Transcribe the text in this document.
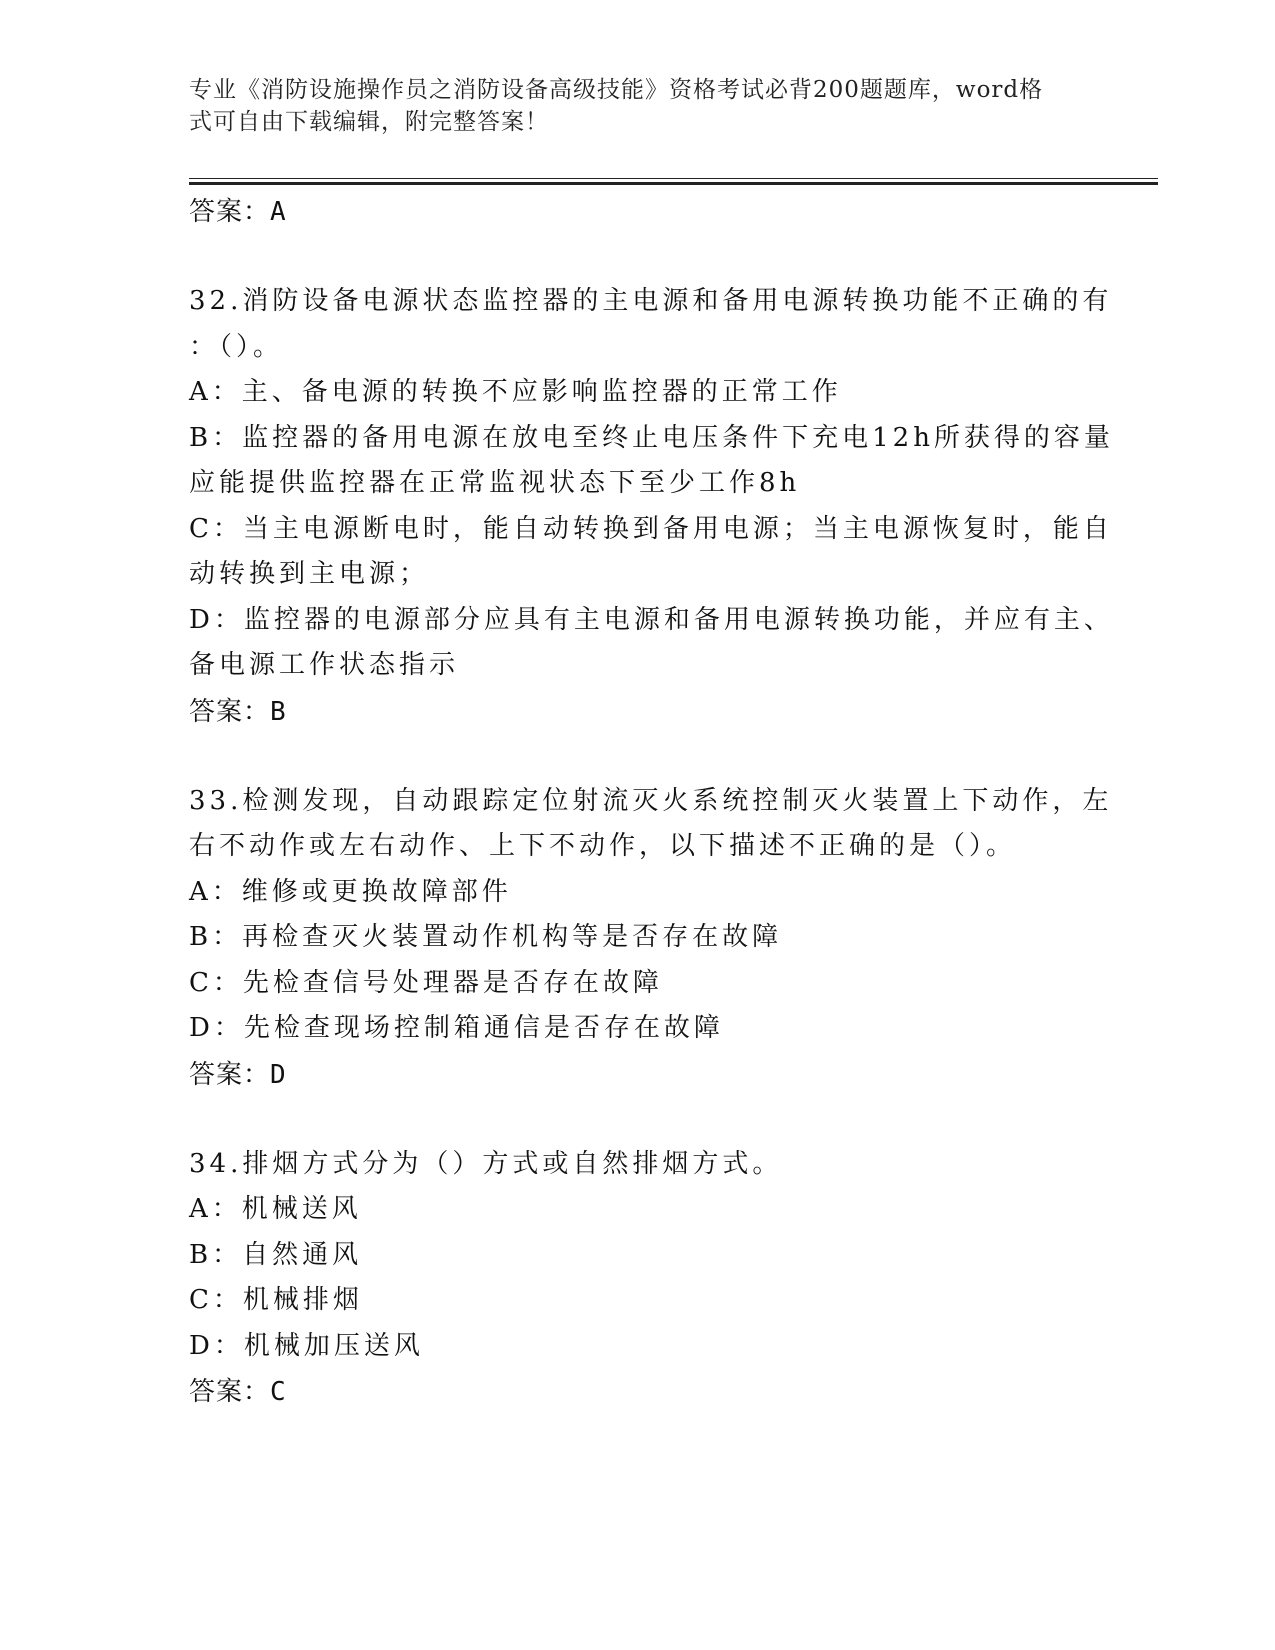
专业《消防设施操作员之消防设备高级技能》资格考试必背200题题库，word格
式可自由下载编辑，附完整答案！
答案：A
32.消防设备电源状态监控器的主电源和备用电源转换功能不正确的有
：（）。
A：主、备电源的转换不应影响监控器的正常工作
B：监控器的备用电源在放电至终止电压条件下充电12h所获得的容量
应能提供监控器在正常监视状态下至少工作8h
C：当主电源断电时，能自动转换到备用电源；当主电源恢复时，能自
动转换到主电源；
D：监控器的电源部分应具有主电源和备用电源转换功能，并应有主、
备电源工作状态指示
答案：B
33.检测发现，自动跟踪定位射流灭火系统控制灭火装置上下动作，左
右不动作或左右动作、上下不动作，以下描述不正确的是（）。
A：维修或更换故障部件
B：再检查灭火装置动作机构等是否存在故障
C：先检查信号处理器是否存在故障
D：先检查现场控制箱通信是否存在故障
答案：D
34.排烟方式分为（）方式或自然排烟方式。
A：机械送风
B：自然通风
C：机械排烟
D：机械加压送风
答案：C
